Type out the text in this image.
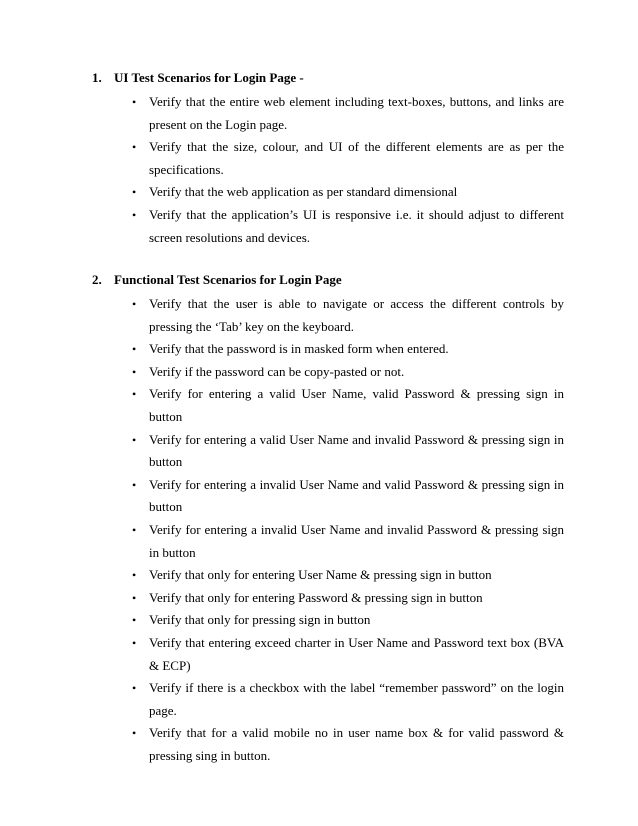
1. UI Test Scenarios for Login Page -
• Verify that the entire web element including text-boxes, buttons, and links are present on the Login page.
• Verify that the size, colour, and UI of the different elements are as per the specifications.
• Verify that the web application as per standard dimensional
• Verify that the application’s UI is responsive i.e. it should adjust to different screen resolutions and devices.
2. Functional Test Scenarios for Login Page
• Verify that the user is able to navigate or access the different controls by pressing the ‘Tab’ key on the keyboard.
• Verify that the password is in masked form when entered.
• Verify if the password can be copy-pasted or not.
• Verify for entering a valid User Name, valid Password & pressing sign in button
• Verify for entering a valid User Name and invalid Password & pressing sign in button
• Verify for entering a invalid User Name and valid Password & pressing sign in button
• Verify for entering a invalid User Name and invalid Password & pressing sign in button
• Verify that only for entering User Name & pressing sign in button
• Verify that only for entering Password & pressing sign in button
• Verify that only for pressing sign in button
• Verify that entering exceed charter in User Name and Password text box (BVA & ECP)
• Verify if there is a checkbox with the label “remember password” on the login page.
• Verify that for a valid mobile no in user name box & for valid password & pressing sing in button.
